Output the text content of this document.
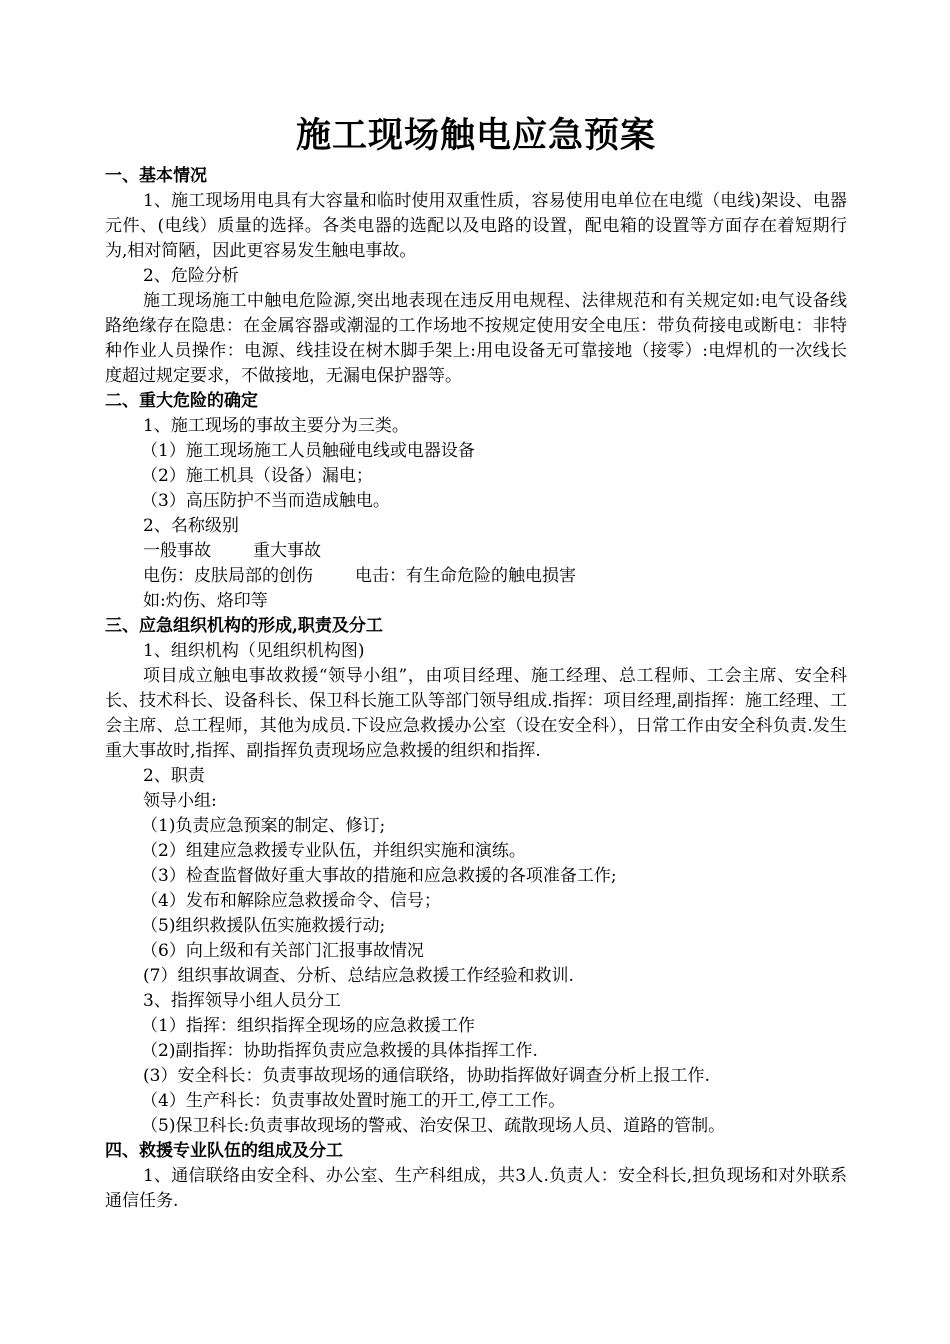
施工现场触电应急预案

一、基本情况

1、施工现场用电具有大容量和临时使用双重性质，容易使用电单位在电缆（电线)架设、电器元件、(电线）质量的选择。各类电器的选配以及电路的设置，配电箱的设置等方面存在着短期行为,相对简陋，因此更容易发生触电事故。

2、危险分析

施工现场施工中触电危险源,突出地表现在违反用电规程、法律规范和有关规定如:电气设备线路绝缘存在隐患：在金属容器或潮湿的工作场地不按规定使用安全电压：带负荷接电或断电：非特种作业人员操作：电源、线挂设在树木脚手架上:用电设备无可靠接地（接零）:电焊机的一次线长度超过规定要求，不做接地，无漏电保护器等。

二、重大危险的确定

1、施工现场的事故主要分为三类。

（1）施工现场施工人员触碰电线或电器设备

（2）施工机具（设备）漏电；

（3）高压防护不当而造成触电。

2、名称级别

一般事故 重大事故

电伤：皮肤局部的创伤 电击：有生命危险的触电损害

如:灼伤、烙印等

三、应急组织机构的形成,职责及分工

1、组织机构（见组织机构图)

项目成立触电事故救援“领导小组”，由项目经理、施工经理、总工程师、工会主席、安全科长、技术科长、设备科长、保卫科长施工队等部门领导组成.指挥：项目经理,副指挥：施工经理、工会主席、总工程师，其他为成员.下设应急救援办公室（设在安全科），日常工作由安全科负责.发生重大事故时,指挥、副指挥负责现场应急救援的组织和指挥.

2、职责

领导小组:

（1)负责应急预案的制定、修订;

（2）组建应急救援专业队伍，并组织实施和演练。

（3）检查监督做好重大事故的措施和应急救援的各项准备工作;

（4）发布和解除应急救援命令、信号；

（5)组织救援队伍实施救援行动;

（6）向上级和有关部门汇报事故情况

(7）组织事故调查、分析、总结应急救援工作经验和救训.

3、指挥领导小组人员分工

（1）指挥：组织指挥全现场的应急救援工作

（2)副指挥：协助指挥负责应急救援的具体指挥工作.

(3）安全科长：负责事故现场的通信联络，协助指挥做好调查分析上报工作.

（4）生产科长：负责事故处置时施工的开工,停工工作。

（5)保卫科长:负责事故现场的警戒、治安保卫、疏散现场人员、道路的管制。

四、救援专业队伍的组成及分工

1、通信联络由安全科、办公室、生产科组成，共3人.负责人：安全科长,担负现场和对外联系通信任务.
